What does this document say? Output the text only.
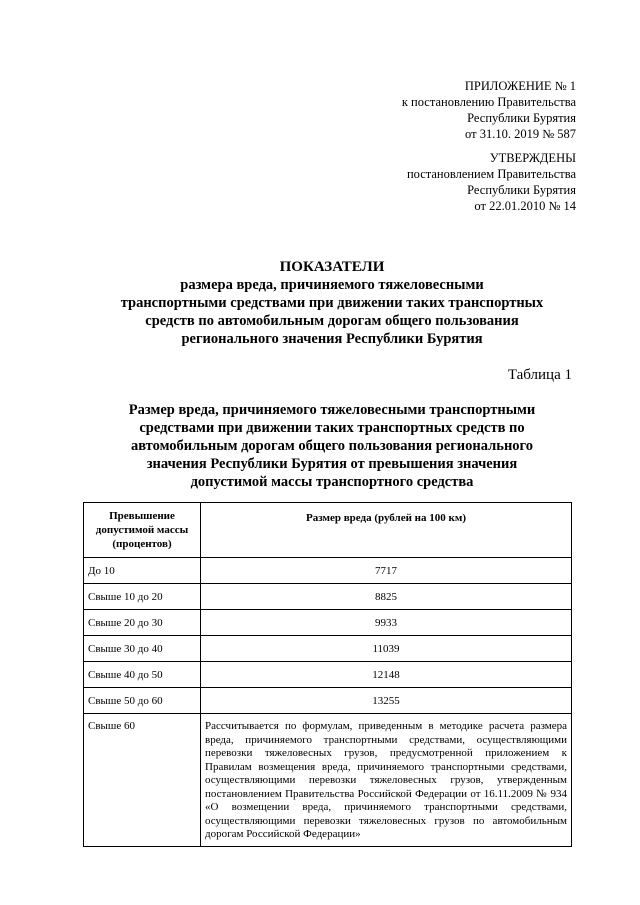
ПРИЛОЖЕНИЕ № 1
к постановлению Правительства
Республики Бурятия
от 31.10. 2019 № 587
УТВЕРЖДЕНЫ
постановлением Правительства
Республики Бурятия
от 22.01.2010 № 14
ПОКАЗАТЕЛИ
размера вреда, причиняемого тяжеловесными
транспортными средствами при движении таких транспортных
средств по автомобильным дорогам общего пользования
регионального значения Республики Бурятия
Таблица 1
Размер вреда, причиняемого тяжеловесными транспортными
средствами при движении таких транспортных средств по
автомобильным дорогам общего пользования регионального
значения Республики Бурятия от превышения значения
допустимой массы транспортного средства
Превышение
допустимой массы
(процентов)	Размер вреда (рублей на 100 км)
До 10	7717
Свыше 10 до 20	8825
Свыше 20 до 30	9933
Свыше 30 до 40	11039
Свыше 40 до 50	12148
Свыше 50 до 60	13255
Свыше 60	Рассчитывается по формулам, приведенным в методике расчета размера вреда, причиняемого транспортными средствами, осуществляющими перевозки тяжеловесных грузов, предусмотренной приложением к Правилам возмещения вреда, причиняемого транспортными средствами, осуществляющими перевозки тяжеловесных грузов, утвержденным постановлением Правительства Российской Федерации от 16.11.2009 № 934 «О возмещении вреда, причиняемого транспортными средствами, осуществляющими перевозки тяжеловесных грузов по автомобильным дорогам Российской Федерации»
